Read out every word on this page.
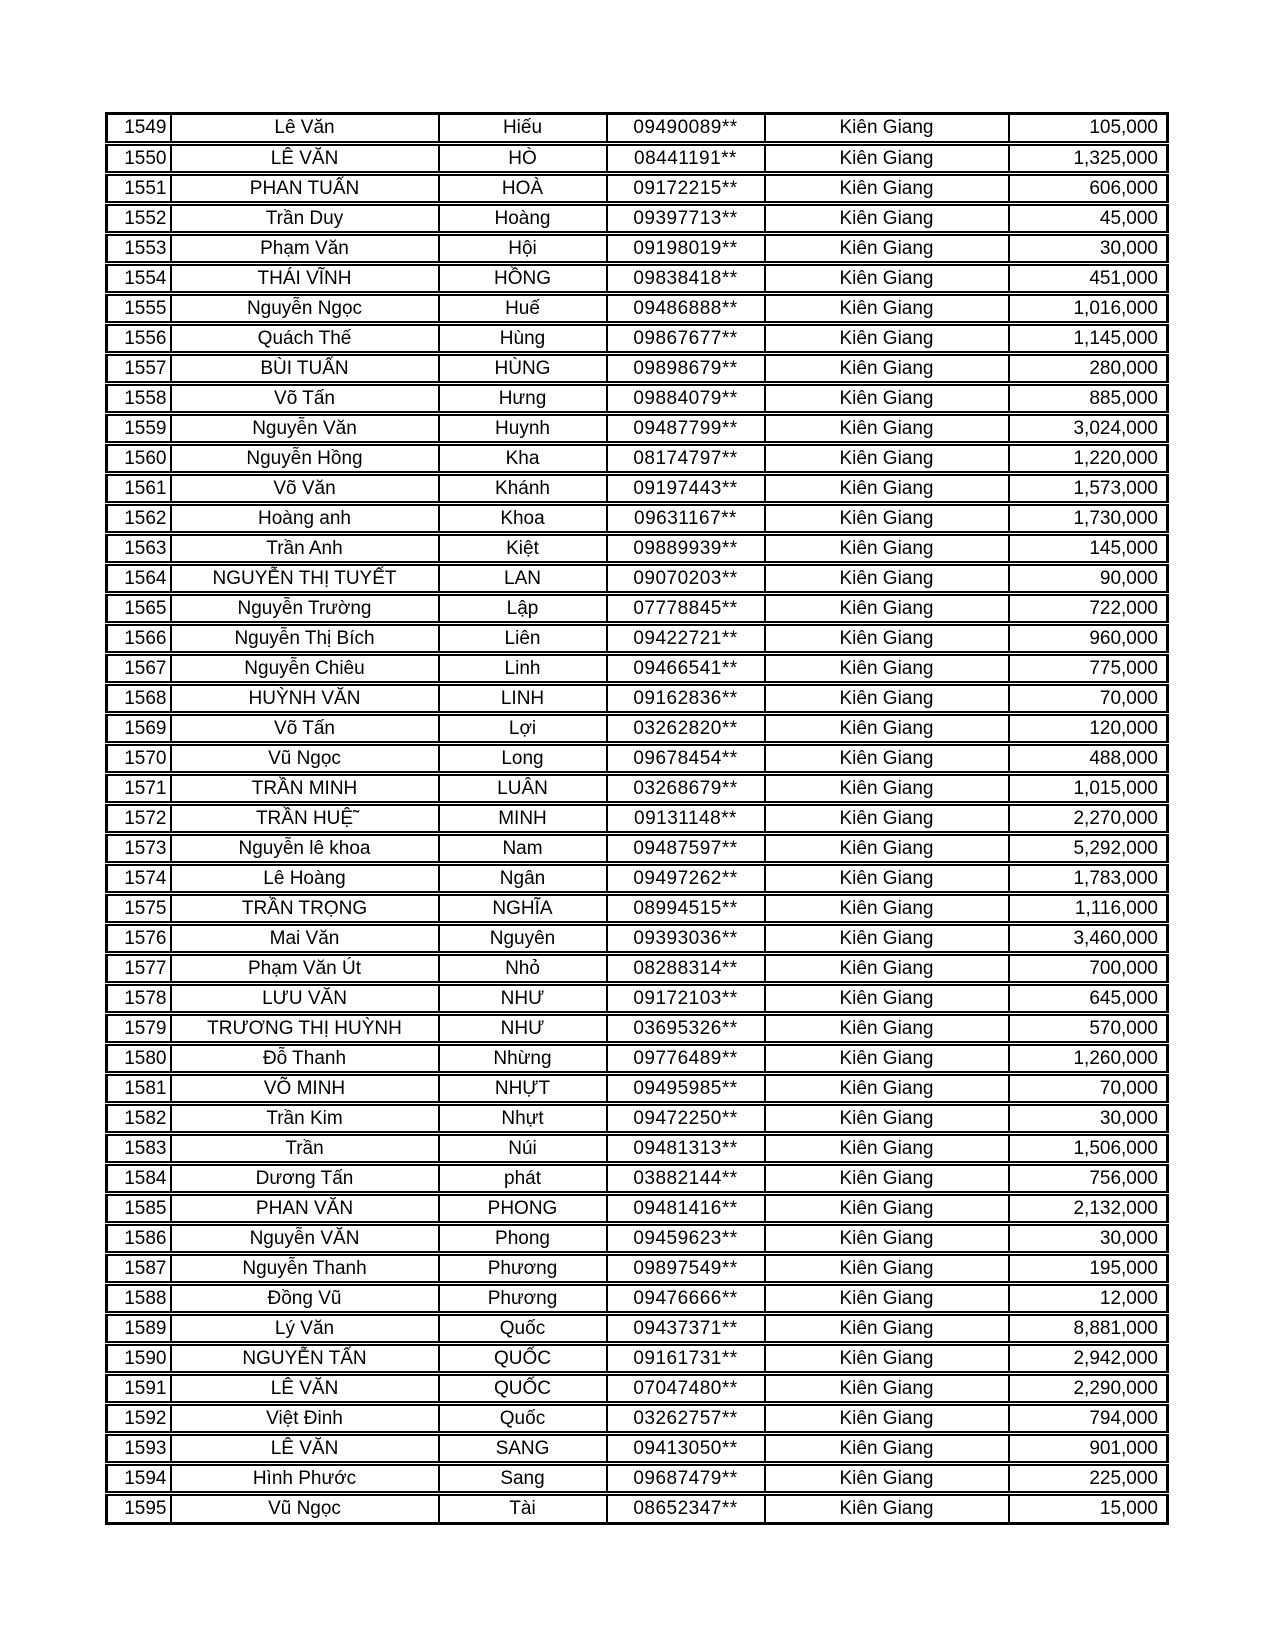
1549	Lê Văn	Hiếu	09490089**	Kiên Giang	105,000
1550	LÊ VĂN	HÒ	08441191**	Kiên Giang	1,325,000
1551	PHAN TUẤN	HOÀ	09172215**	Kiên Giang	606,000
1552	Trần Duy	Hoàng	09397713**	Kiên Giang	45,000
1553	Phạm Văn	Hội	09198019**	Kiên Giang	30,000
1554	THÁI VĨNH	HỒNG	09838418**	Kiên Giang	451,000
1555	Nguyễn Ngọc	Huế	09486888**	Kiên Giang	1,016,000
1556	Quách Thế	Hùng	09867677**	Kiên Giang	1,145,000
1557	BÙI TUẤN	HÙNG	09898679**	Kiên Giang	280,000
1558	Võ Tấn	Hưng	09884079**	Kiên Giang	885,000
1559	Nguyễn Văn	Huynh	09487799**	Kiên Giang	3,024,000
1560	Nguyễn Hồng	Kha	08174797**	Kiên Giang	1,220,000
1561	Võ Văn	Khánh	09197443**	Kiên Giang	1,573,000
1562	Hoàng anh	Khoa	09631167**	Kiên Giang	1,730,000
1563	Trần Anh	Kiệt	09889939**	Kiên Giang	145,000
1564	NGUYỄN THỊ TUYẾT	LAN	09070203**	Kiên Giang	90,000
1565	Nguyễn Trường	Lập	07778845**	Kiên Giang	722,000
1566	Nguyễn Thị Bích	Liên	09422721**	Kiên Giang	960,000
1567	Nguyễn Chiêu	Linh	09466541**	Kiên Giang	775,000
1568	HUỲNH VĂN	LINH	09162836**	Kiên Giang	70,000
1569	Võ Tấn	Lợi	03262820**	Kiên Giang	120,000
1570	Vũ Ngọc	Long	09678454**	Kiên Giang	488,000
1571	TRẦN MINH	LUÂN	03268679**	Kiên Giang	1,015,000
1572	TRẦN HUỆ̃	MINH	09131148**	Kiên Giang	2,270,000
1573	Nguyễn lê khoa	Nam	09487597**	Kiên Giang	5,292,000
1574	Lê Hoàng	Ngân	09497262**	Kiên Giang	1,783,000
1575	TRẦN TRỌNG	NGHĨA	08994515**	Kiên Giang	1,116,000
1576	Mai Văn	Nguyên	09393036**	Kiên Giang	3,460,000
1577	Phạm Văn Út	Nhỏ	08288314**	Kiên Giang	700,000
1578	LƯU VĂN	NHƯ	09172103**	Kiên Giang	645,000
1579	TRƯƠNG THỊ HUỲNH	NHƯ	03695326**	Kiên Giang	570,000
1580	Đỗ Thanh	Nhừng	09776489**	Kiên Giang	1,260,000
1581	VÕ MINH	NHỰT	09495985**	Kiên Giang	70,000
1582	Trần Kim	Nhựt	09472250**	Kiên Giang	30,000
1583	Trần	Núi	09481313**	Kiên Giang	1,506,000
1584	Dương Tấn	phát	03882144**	Kiên Giang	756,000
1585	PHAN VĂN	PHONG	09481416**	Kiên Giang	2,132,000
1586	Nguyễn VĂN	Phong	09459623**	Kiên Giang	30,000
1587	Nguyễn Thanh	Phương	09897549**	Kiên Giang	195,000
1588	Đồng Vũ	Phương	09476666**	Kiên Giang	12,000
1589	Lý Văn	Quốc	09437371**	Kiên Giang	8,881,000
1590	NGUYỄN TẤN	QUỐC	09161731**	Kiên Giang	2,942,000
1591	LÊ VĂN	QUỐC	07047480**	Kiên Giang	2,290,000
1592	Việt Đinh	Quốc	03262757**	Kiên Giang	794,000
1593	LÊ VĂN	SANG	09413050**	Kiên Giang	901,000
1594	Hình Phước	Sang	09687479**	Kiên Giang	225,000
1595	Vũ Ngọc	Tài	08652347**	Kiên Giang	15,000
